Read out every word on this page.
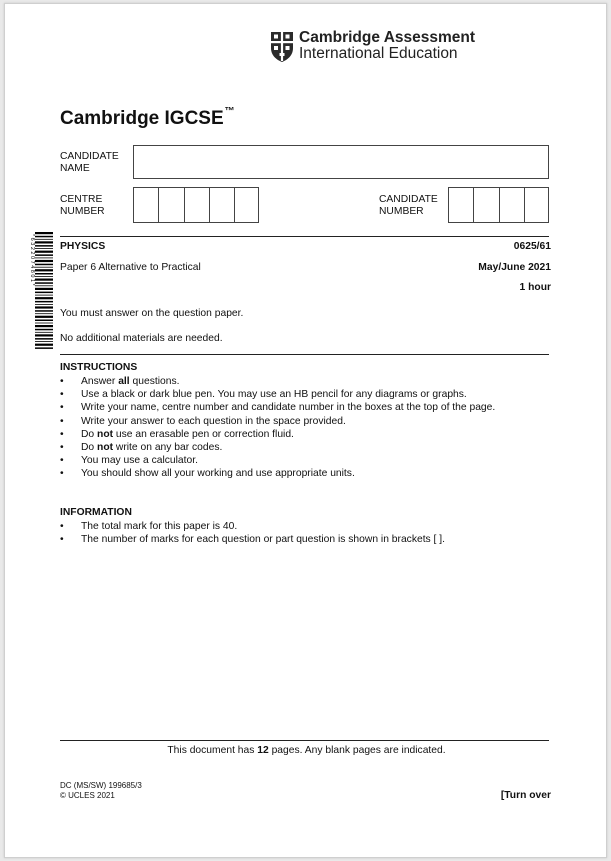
Cambridge Assessment
International Education
Cambridge IGCSE™
CANDIDATE
NAME
CENTRE
NUMBER
CANDIDATE
NUMBER
* 6 3 2 2 0 7 4 8 0 1 * PHYSICS	0625/61
Paper 6 Alternative to Practical	May/June 2021
1 hour
You must answer on the question paper.
No additional materials are needed.
INSTRUCTIONS
• Answer all questions.
• Use a black or dark blue pen. You may use an HB pencil for any diagrams or graphs.
• Write your name, centre number and candidate number in the boxes at the top of the page.
• Write your answer to each question in the space provided.
• Do not use an erasable pen or correction fluid.
• Do not write on any bar codes.
• You may use a calculator.
• You should show all your working and use appropriate units.
INFORMATION
• The total mark for this paper is 40.
• The number of marks for each question or part question is shown in brackets [ ].
This document has 12 pages. Any blank pages are indicated.
DC (MS/SW) 199685/3
© UCLES 2021	[Turn over
